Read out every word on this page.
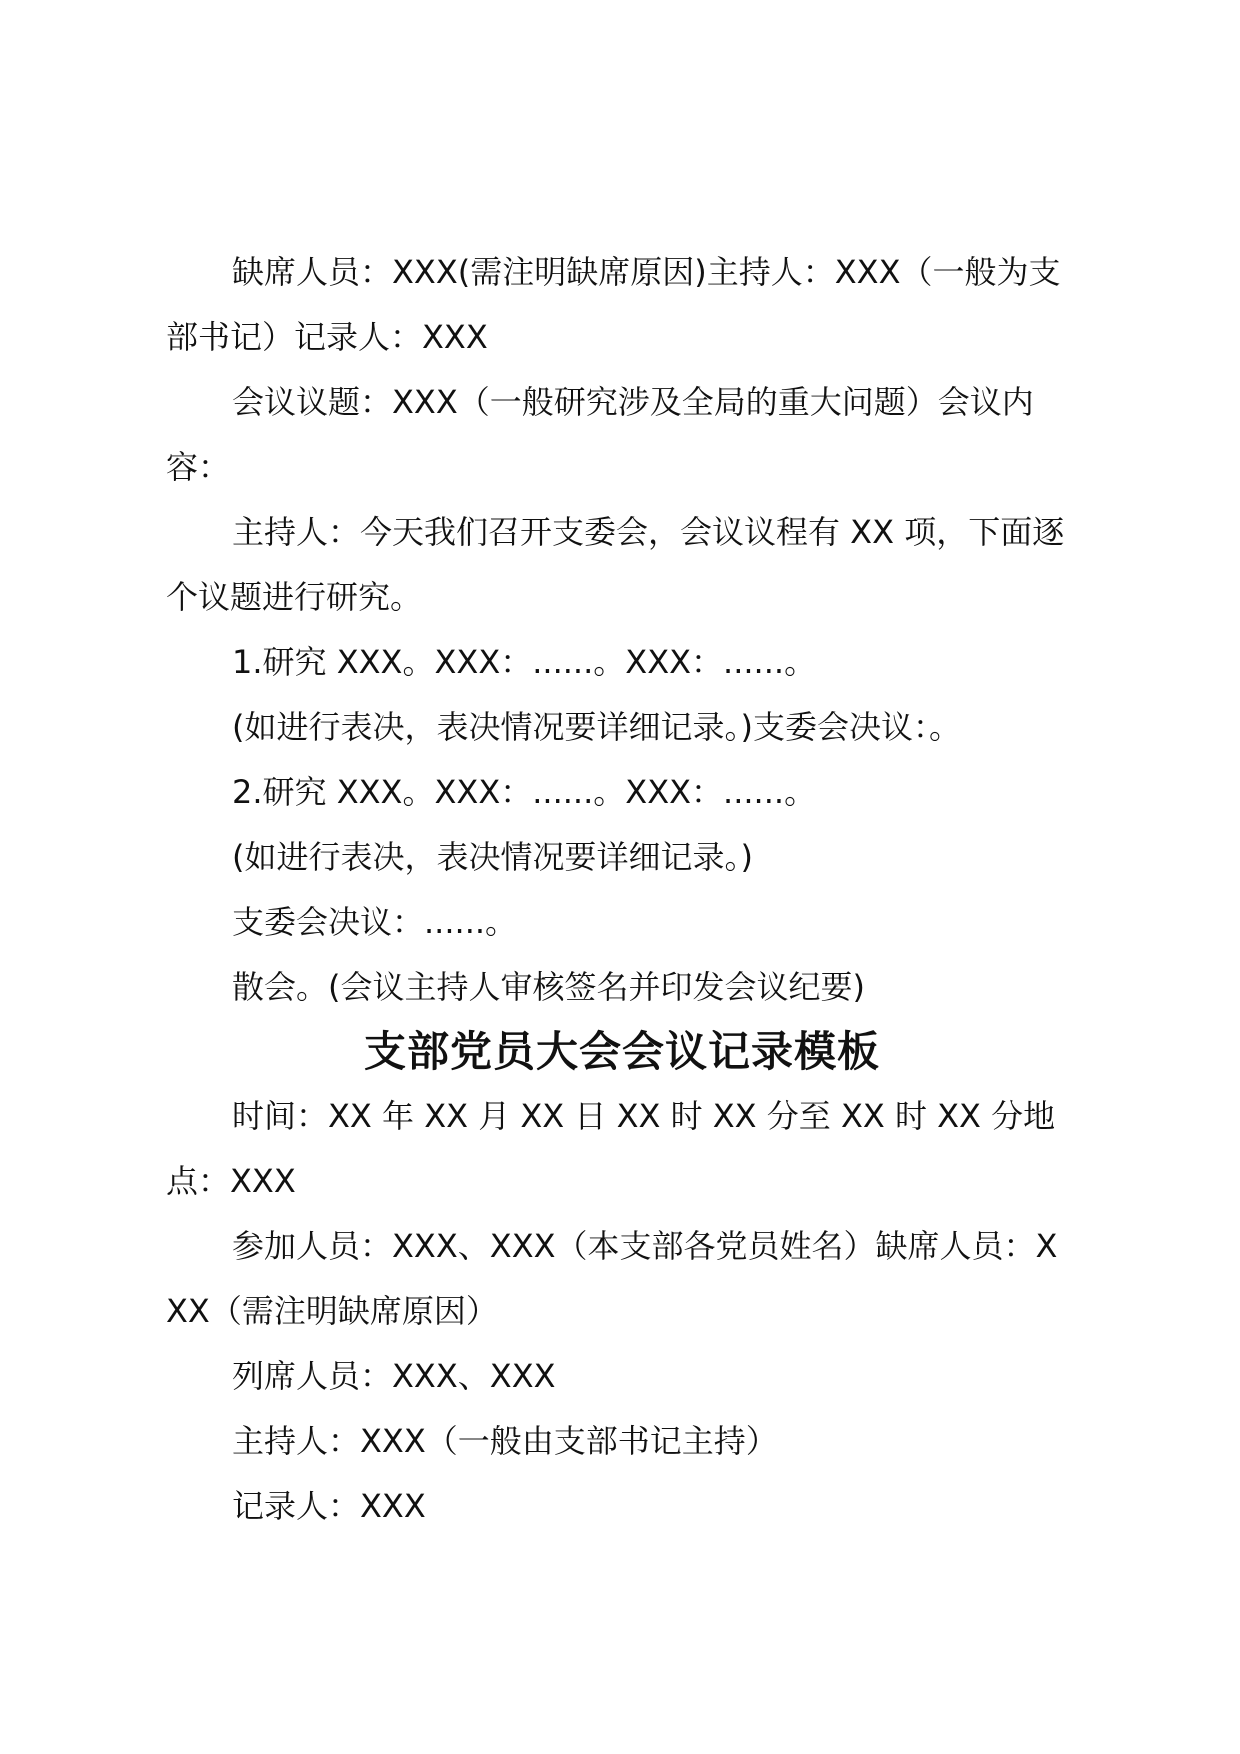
缺席人员：XXX(需注明缺席原因)主持人：XXX（一般为支部书记）记录人：XXX

会议议题：XXX（一般研究涉及全局的重大问题）会议内容：

主持人：今天我们召开支委会，会议议程有 XX 项，下面逐个议题进行研究。

1.研究 XXX。XXX：......。XXX：......。

(如进行表决，表决情况要详细记录。)支委会决议：。

2.研究 XXX。XXX：......。XXX：......。

(如进行表决，表决情况要详细记录。)

支委会决议：......。

散会。(会议主持人审核签名并印发会议纪要)

支部党员大会会议记录模板

时间：XX 年 XX 月 XX 日 XX 时 XX 分至 XX 时 XX 分地点：XXX

参加人员：XXX、XXX（本支部各党员姓名）缺席人员：XXX（需注明缺席原因）

列席人员：XXX、XXX

主持人：XXX（一般由支部书记主持）

记录人：XXX
